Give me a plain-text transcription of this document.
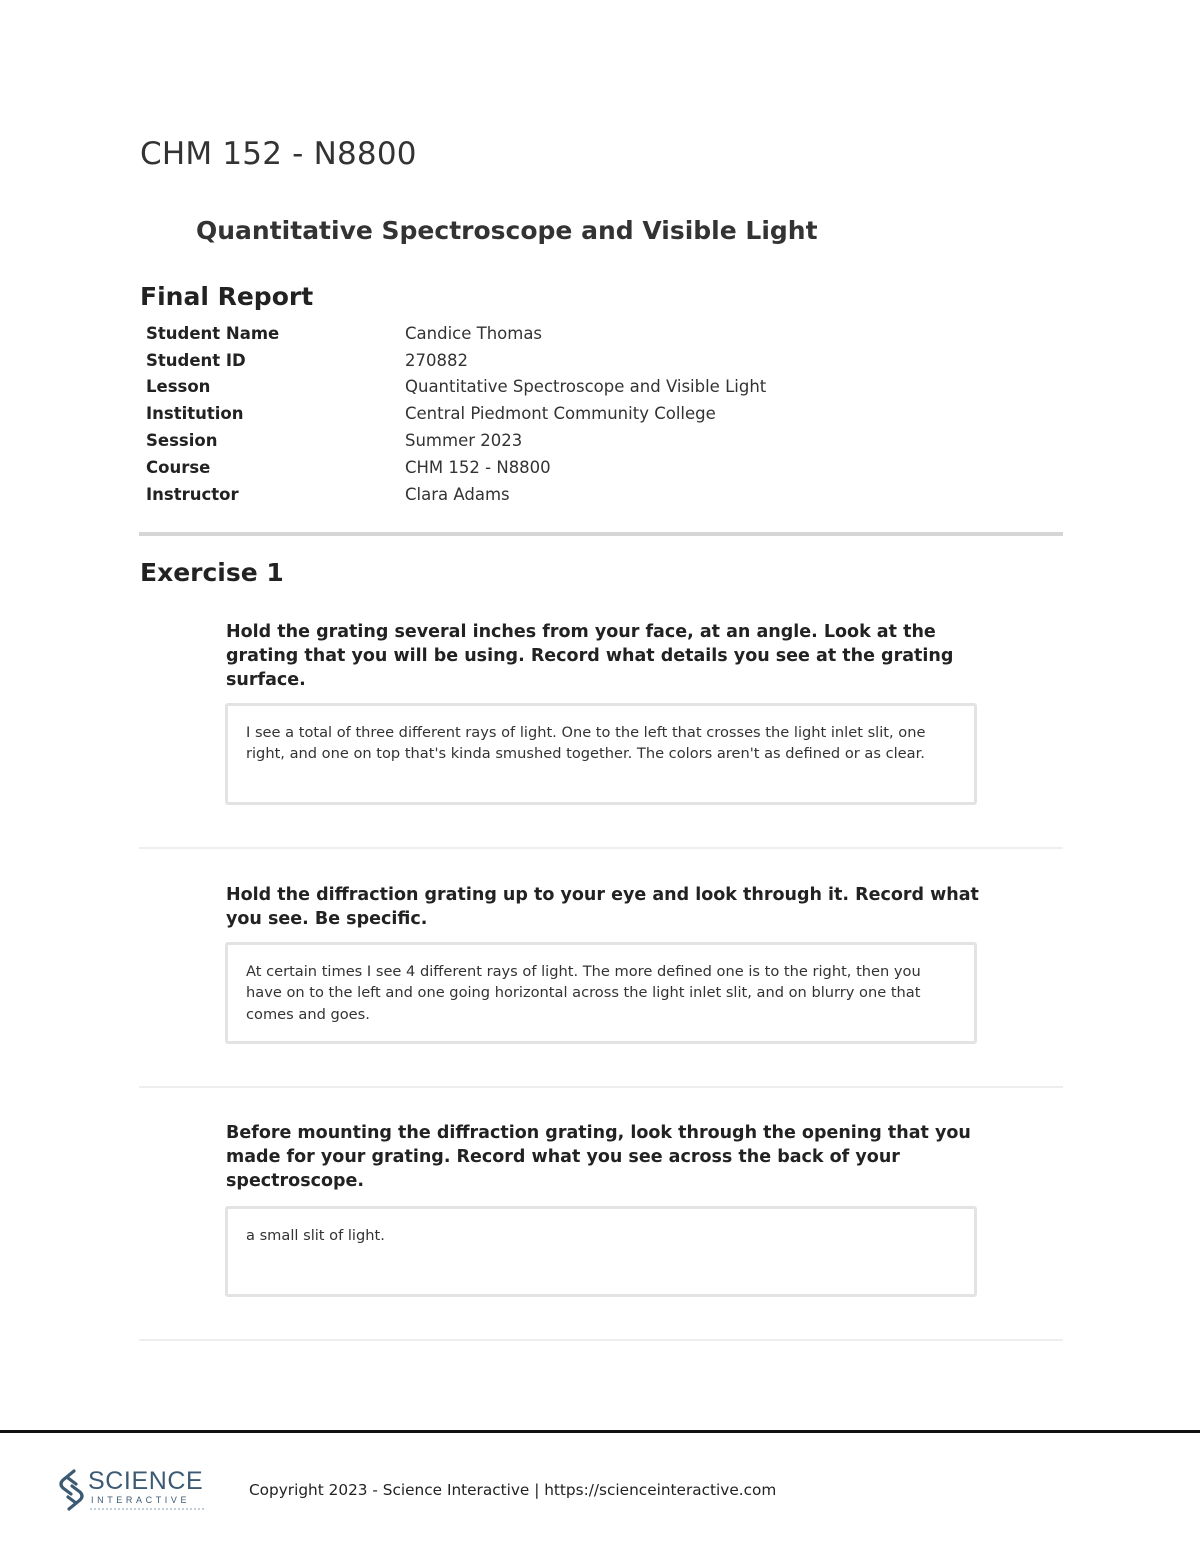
CHM 152 - N8800
Quantitative Spectroscope and Visible Light
Final Report
Student Name	Candice Thomas
Student ID	270882
Lesson	Quantitative Spectroscope and Visible Light
Institution	Central Piedmont Community College
Session	Summer 2023
Course	CHM 152 - N8800
Instructor	Clara Adams
Exercise 1

Hold the grating several inches from your face, at an angle. Look at the grating that you will be using. Record what details you see at the grating surface.

I see a total of three different rays of light. One to the left that crosses the light inlet slit, one right, and one on top that's kinda smushed together. The colors aren't as defined or as clear.

Hold the diffraction grating up to your eye and look through it. Record what you see. Be specific.

At certain times I see 4 different rays of light. The more defined one is to the right, then you have on to the left and one going horizontal across the light inlet slit, and on blurry one that comes and goes.

Before mounting the diffraction grating, look through the opening that you made for your grating. Record what you see across the back of your spectroscope.

a small slit of light.
SCIENCE
INTERACTIVE
Copyright 2023 - Science Interactive | https://scienceinteractive.com
